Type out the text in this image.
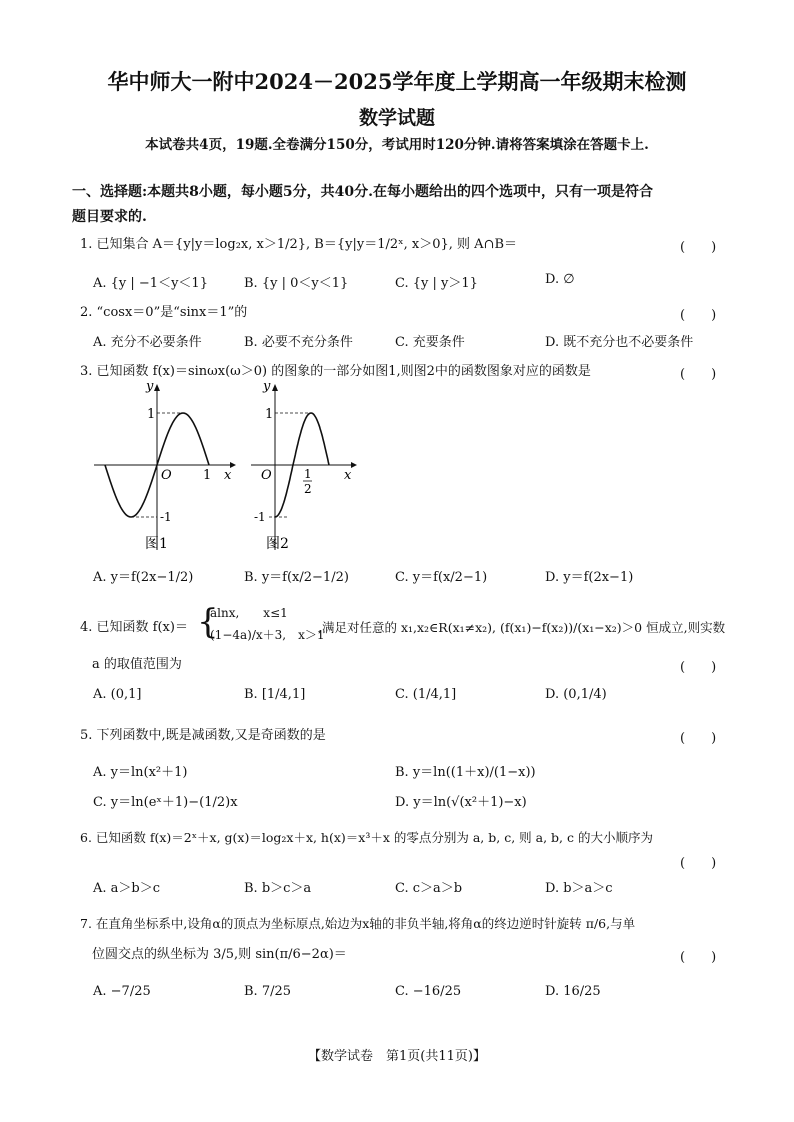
华中师大一附中2024－2025学年度上学期高一年级期末检测
数学试题
本试卷共4页，19题.全卷满分150分，考试用时120分钟.请将答案填涂在答题卡上.
一、选择题:本题共8小题，每小题5分，共40分.在每小题给出的四个选项中，只有一项是符合
题目要求的.
1. 已知集合 A＝{y|y＝log₂x, x＞1/2}, B＝{y|y＝1/2ˣ, x＞0}, 则 A∩B＝	(　　)
A. {y | −1＜y＜1}	B. {y | 0＜y＜1}	C. {y | y＞1}	D. ∅
2. “cosx＝0”是“sinx＝1”的	(　　)
A. 充分不必要条件	B. 必要不充分条件	C. 充要条件	D. 既不充分也不必要条件
3. 已知函数 f(x)＝sinωx(ω＞0) 的图象的一部分如图1,则图2中的函数图象对应的函数是	(　　)
y
x
O 1
1
-1
图1
y
x
O	1
2
1
-1
图2
A. y＝f(2x−1/2)	B. y＝f(x/2−1/2)	C. y＝f(x/2−1)	D. y＝f(2x−1)
4. 已知函数 f(x)＝ {
alnx,　　x≤1
(1−4a)/x＋3,　x＞1
,满足对任意的 x₁,x₂∈R(x₁≠x₂), (f(x₁)−f(x₂))/(x₁−x₂)＞0 恒成立,则实数
a 的取值范围为	(　　)
A. (0,1]	B. [1/4,1]	C. (1/4,1]	D. (0,1/4)
5. 下列函数中,既是减函数,又是奇函数的是	(　　)
A. y＝ln(x²＋1)	B. y＝ln((1＋x)/(1−x))
C. y＝ln(eˣ＋1)−(1/2)x	D. y＝ln(√(x²＋1)−x)
6. 已知函数 f(x)＝2ˣ＋x, g(x)＝log₂x＋x, h(x)＝x³＋x 的零点分别为 a, b, c, 则 a, b, c 的大小顺序为
(　　)
A. a＞b＞c	B. b＞c＞a	C. c＞a＞b	D. b＞a＞c
7. 在直角坐标系中,设角α的顶点为坐标原点,始边为x轴的非负半轴,将角α的终边逆时针旋转 π/6,与单
位圆交点的纵坐标为 3/5,则 sin(π/6−2α)＝	(　　)
A. −7/25	B. 7/25	C. −16/25	D. 16/25
【数学试卷　第1页(共11页)】
